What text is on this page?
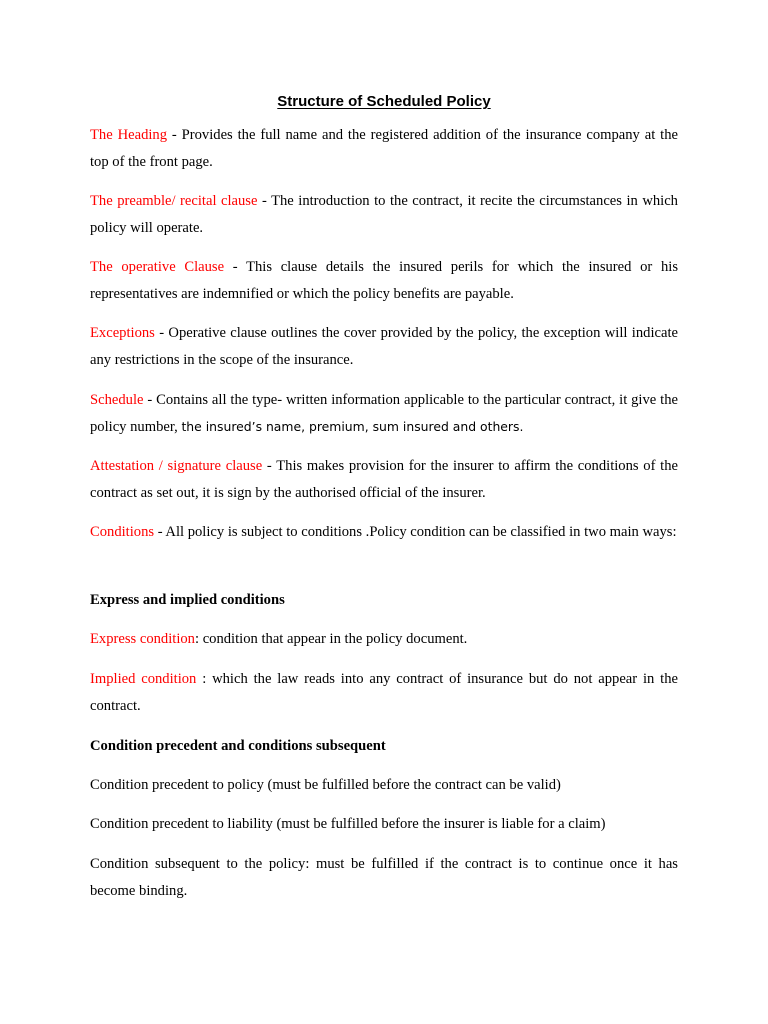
Structure of Scheduled Policy

The Heading - Provides the full name and the registered addition of the insurance company at the top of the front page.

The preamble/ recital clause - The introduction to the contract, it recite the circumstances in which policy will operate.

The operative Clause - This clause details the insured perils for which the insured or his representatives are indemnified or which the policy benefits are payable.

Exceptions - Operative clause outlines the cover provided by the policy, the exception will indicate any restrictions in the scope of the insurance.

Schedule - Contains all the type- written information applicable to the particular contract, it give the policy number, the insured’s name, premium, sum insured and others.

Attestation / signature clause - This makes provision for the insurer to affirm the conditions of the contract as set out, it is sign by the authorised official of the insurer.

Conditions - All policy is subject to conditions .Policy condition can be classified in two main ways:

Express and implied conditions

Express condition: condition that appear in the policy document.

Implied condition : which the law reads into any contract of insurance but do not appear in the contract.

Condition precedent and conditions subsequent

Condition precedent to policy (must be fulfilled before the contract can be valid)

Condition precedent to liability (must be fulfilled before the insurer is liable for a claim)

Condition subsequent to the policy: must be fulfilled if the contract is to continue once it has become binding.
